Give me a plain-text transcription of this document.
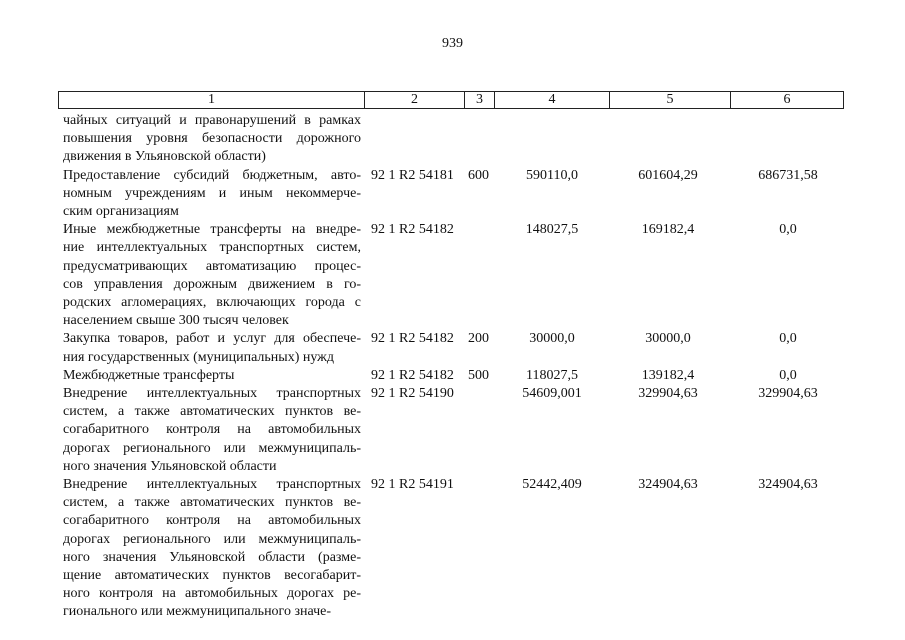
939
1	2	3	4	5	6
чайных ситуаций и правонарушений в рамках
повышения уровня безопасности дорожного
движения в Ульяновской области)
Предоставление субсидий бюджетным, авто-
номным учреждениям и иным некоммерче-
ским организациям
92 1 R2 54181 600	590110,0	601604,29	686731,58
Иные межбюджетные трансферты на внедре-
ние интеллектуальных транспортных систем,
предусматривающих автоматизацию процес-
сов управления дорожным движением в го-
родских агломерациях, включающих города с
населением свыше 300 тысяч человек
92 1 R2 54182	148027,5	169182,4	0,0
Закупка товаров, работ и услуг для обеспече-
ния государственных (муниципальных) нужд
92 1 R2 54182 200	30000,0	30000,0	0,0
Межбюджетные трансферты	92 1 R2 54182 500	118027,5	139182,4	0,0
Внедрение интеллектуальных транспортных
систем, а также автоматических пунктов ве-
согабаритного контроля на автомобильных
дорогах регионального или межмуниципаль-
ного значения Ульяновской области
92 1 R2 54190	54609,001	329904,63	329904,63
Внедрение интеллектуальных транспортных
систем, а также автоматических пунктов ве-
согабаритного контроля на автомобильных
дорогах регионального или межмуниципаль-
ного значения Ульяновской области (разме-
щение автоматических пунктов весогабарит-
ного контроля на автомобильных дорогах ре-
гионального или межмуниципального значе-
92 1 R2 54191	52442,409	324904,63	324904,63
